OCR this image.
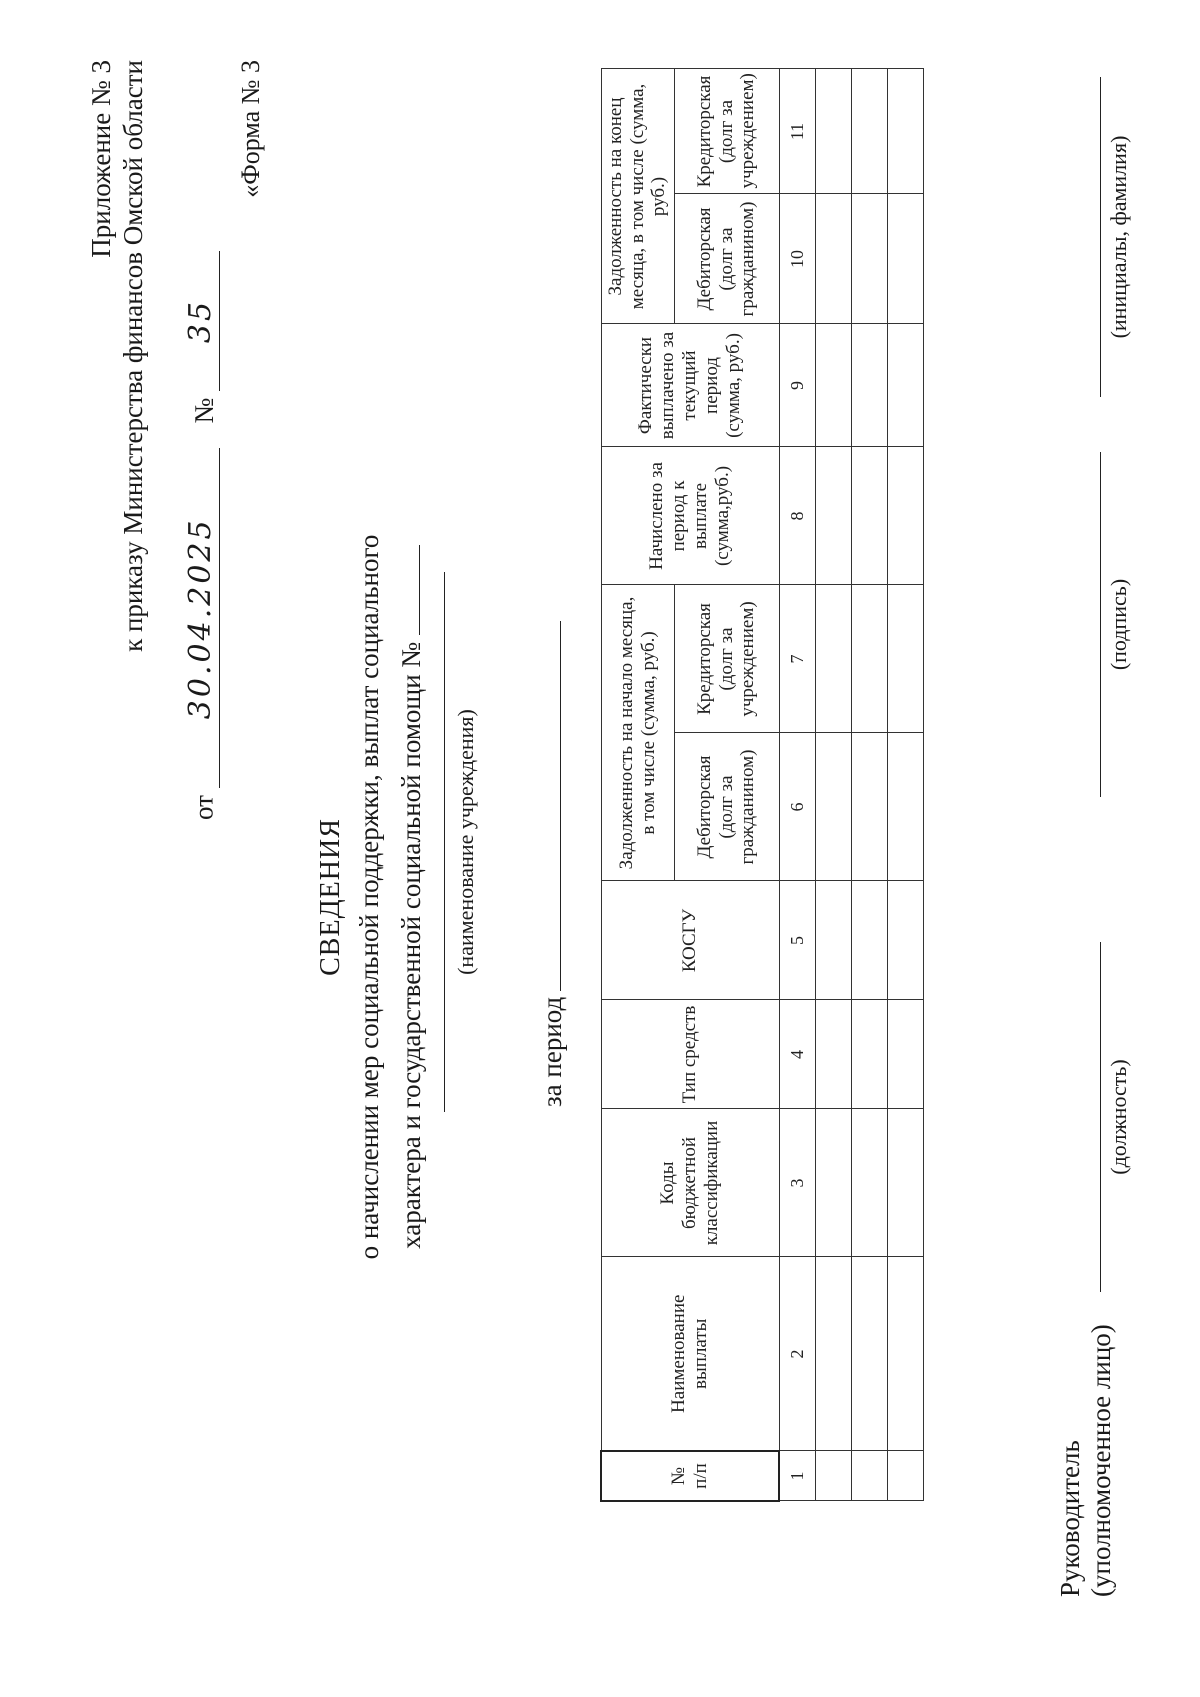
Приложение № 3 к приказу Министерства финансов Омской области
от 30.04.2025 № 35
«Форма № 3
СВЕДЕНИЯ о начислении мер социальной поддержки, выплат социального характера и государственной социальной помощи №	(наименование учреждения)
за период
№ п/п	Наименование выплаты	Коды бюджетной классификации	Тип средств	КОСГУ	Задолженность на начало месяца, в том числе (сумма, руб.)		Начислено за период к выплате (сумма,руб.)	Фактически выплачено за текущий период (сумма, руб.)	Задолженность на конец месяца, в том числе (сумма, руб.)	
					Дебиторская (долг за гражданином)	Кредиторская (долг за учреждением)			Дебиторская (долг за гражданином)	Кредиторская (долг за учреждением)
1	2	3	4	5	6	7	8	9	10	11

Руководитель (уполномоченное лицо)
(должность)
(подпись)
(инициалы, фамилия)
